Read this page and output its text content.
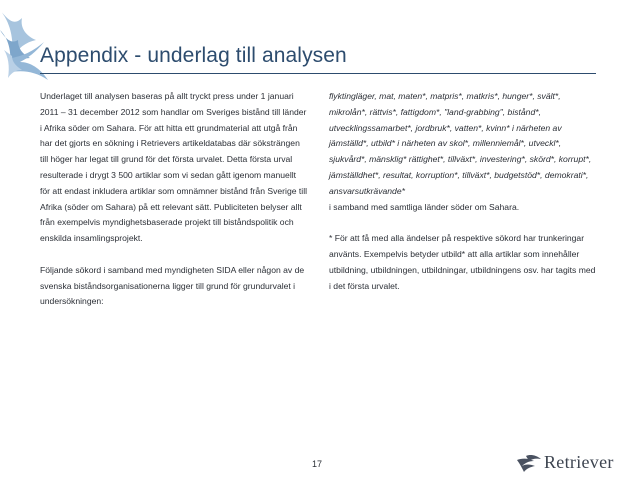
Appendix - underlag till analysen

Underlaget till analysen baseras på allt tryckt press under 1 januari 2011 – 31 december 2012 som handlar om Sveriges bistånd till länder i Afrika söder om Sahara. För att hitta ett grundmaterial att utgå från har det gjorts en sökning i Retrievers artikeldatabas där söksträngen till höger har legat till grund för det första urvalet. Detta första urval resulterade i drygt 3 500 artiklar som vi sedan gått igenom manuellt för att endast inkludera artiklar som omnämner bistånd från Sverige till Afrika (söder om Sahara) på ett relevant sätt. Publiciteten belyser allt från exempelvis myndighetsbaserade projekt till biståndspolitik och enskilda insamlingsprojekt.

Följande sökord i samband med myndigheten SIDA eller någon av de svenska biståndsorganisationerna ligger till grund för grundurvalet i undersökningen:

flyktingläger, mat, maten*, matpris*, matkris*, hunger*, svält*, mikrolån*, rättvis*, fattigdom*, "land-grabbing", bistånd*, utvecklingssamarbet*, jordbruk*, vatten*, kvinn* i närheten av jämställd*, utbild* i närheten av skol*, millenniemål*, utveckl*, sjukvård*, mänsklig* rättighet*, tillväxt*, investering*, skörd*, korrupt*, jämställdhet*, resultat, korruption*, tillväxt*, budgetstöd*, demokrati*, ansvarsutkrävande*

i samband med samtliga länder söder om Sahara.

* För att få med alla ändelser på respektive sökord har trunkeringar använts. Exempelvis betyder utbild* att alla artiklar som innehåller utbildning, utbildningen, utbildningar, utbildningens osv. har tagits med i det första urvalet.

17	Retriever
